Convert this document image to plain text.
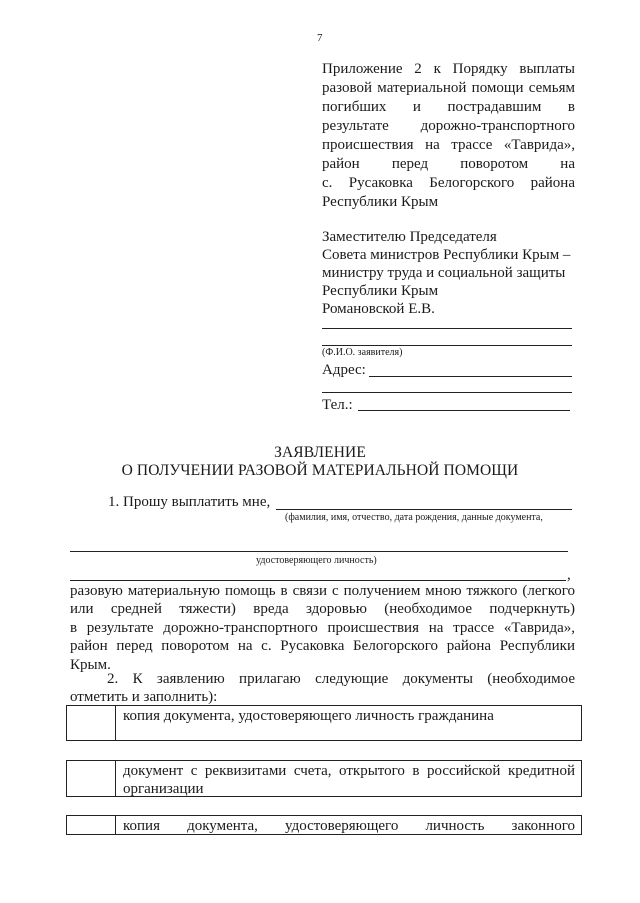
7
Приложение 2 к Порядку выплаты
разовой материальной помощи семьям
погибших и пострадавшим в
результате дорожно-транспортного
происшествия на трассе «Таврида»,
район перед поворотом на
с. Русаковка Белогорского района
Республики Крым
Заместителю Председателя
Совета министров Республики Крым –
министру труда и социальной защиты
Республики Крым
Романовской Е.В.
(Ф.И.О. заявителя)
Адрес:
Тел.:
ЗАЯВЛЕНИЕ
О ПОЛУЧЕНИИ РАЗОВОЙ МАТЕРИАЛЬНОЙ ПОМОЩИ
1. Прошу выплатить мне,
(фамилия, имя, отчество, дата рождения, данные документа,
удостоверяющего личность)
,
разовую материальную помощь в связи с получением мною тяжкого (легкого
или средней тяжести) вреда здоровью (необходимое подчеркнуть)
в результате дорожно-транспортного происшествия на трассе «Таврида»,
район перед поворотом на с. Русаковка Белогорского района Республики
Крым.
2. К заявлению прилагаю следующие документы (необходимое
отметить и заполнить):
копия документа, удостоверяющего личность гражданина
документ с реквизитами счета, открытого в российской кредитной
организации
копия документа, удостоверяющего личность законного
